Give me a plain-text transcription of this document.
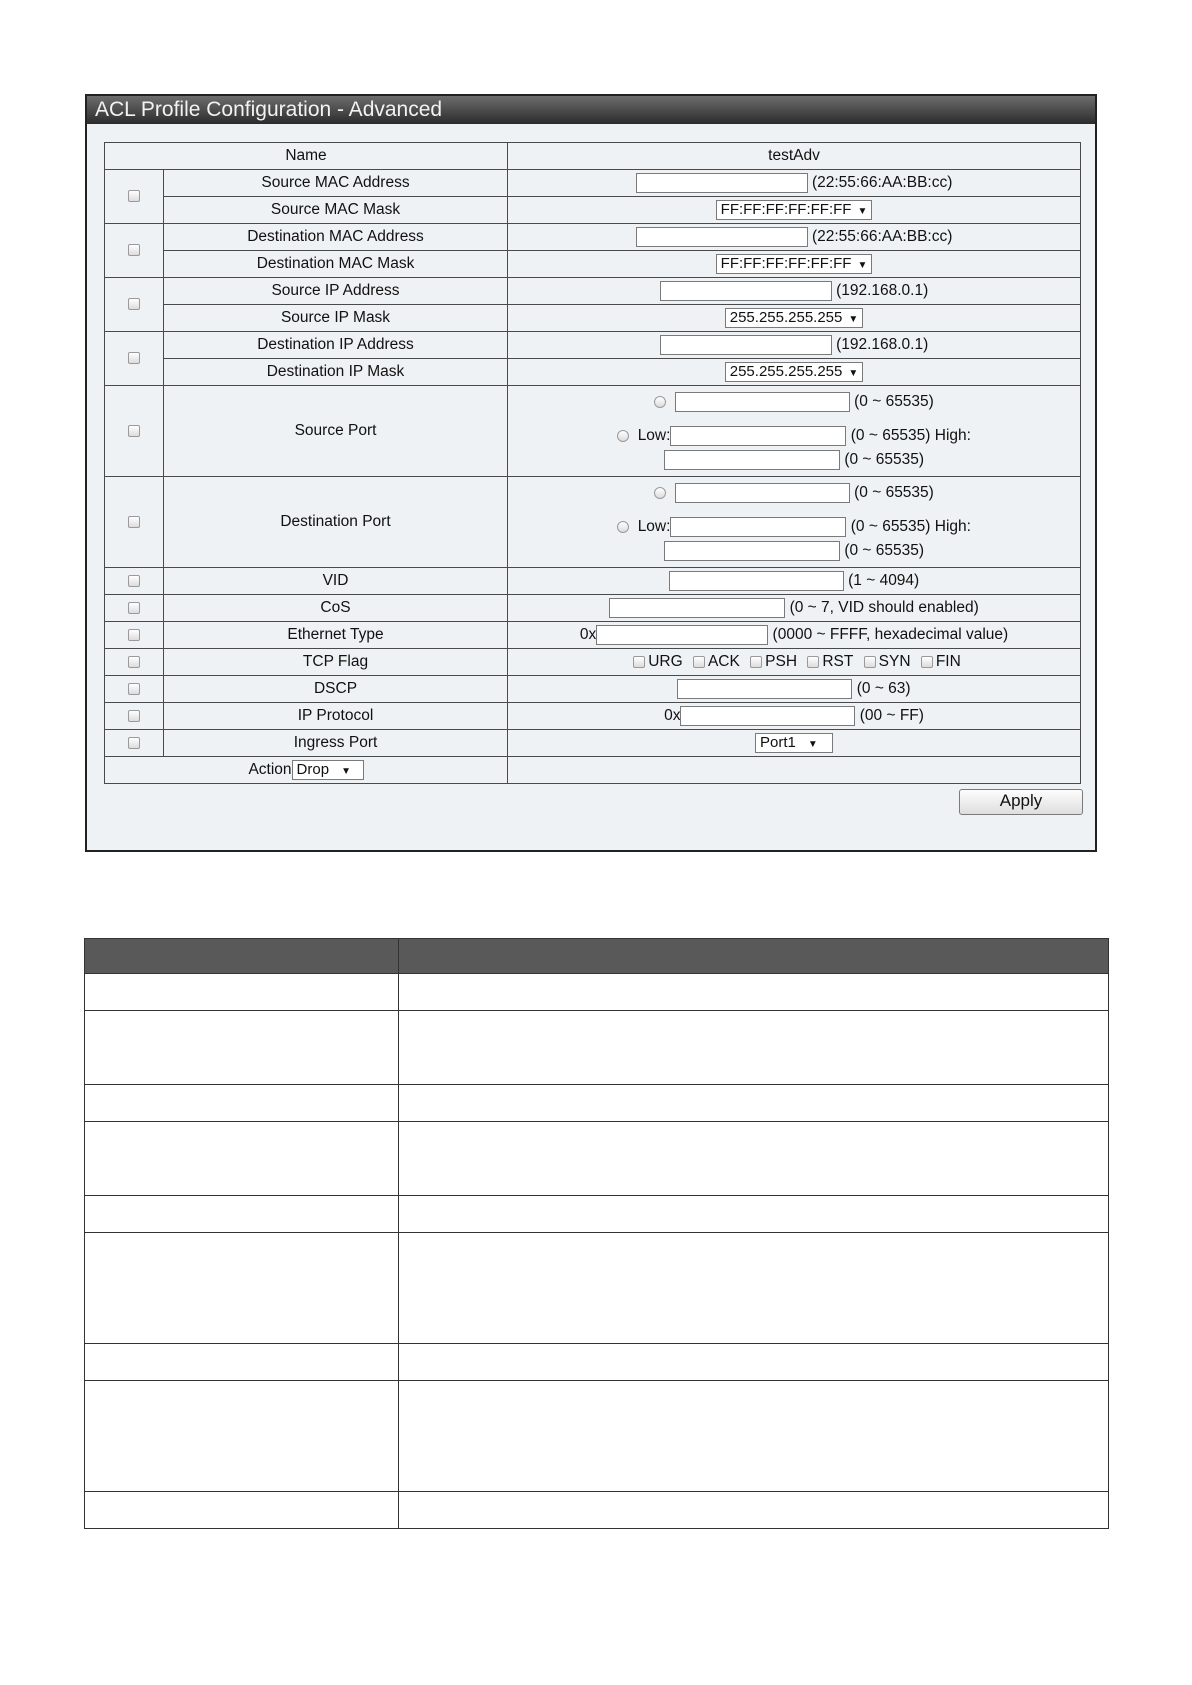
ACL Profile Configuration - Advanced
Name		testAdv
	Source MAC Address	(22:55:66:AA:BB:cc)
	Source MAC Mask	FF:FF:FF:FF:FF:FF ▼
	Destination MAC Address	(22:55:66:AA:BB:cc)
	Destination MAC Mask	FF:FF:FF:FF:FF:FF ▼
	Source IP Address	(192.168.0.1)
	Source IP Mask	255.255.255.255 ▼
	Destination IP Address	(192.168.0.1)
	Destination IP Mask	255.255.255.255 ▼
	Source Port	(0 ~ 65535)

Low:
(0 ~ 65535) High:

(0 ~ 65535)

	Destination Port	(0 ~ 65535)

Low:
(0 ~ 65535) High:

(0 ~ 65535)

	VID	(1 ~ 4094)
	CoS	(0 ~ 7, VID should enabled)
	Ethernet Type	0x (0000 ~ FFFF, hexadecimal value)
	TCP Flag	URG ACK PSH RST SYN FIN
	DSCP	(0 ~ 63)
	IP Protocol	0x (00 ~ FF)
	Ingress Port	Port1 ▼
Action Drop ▼		
Apply
